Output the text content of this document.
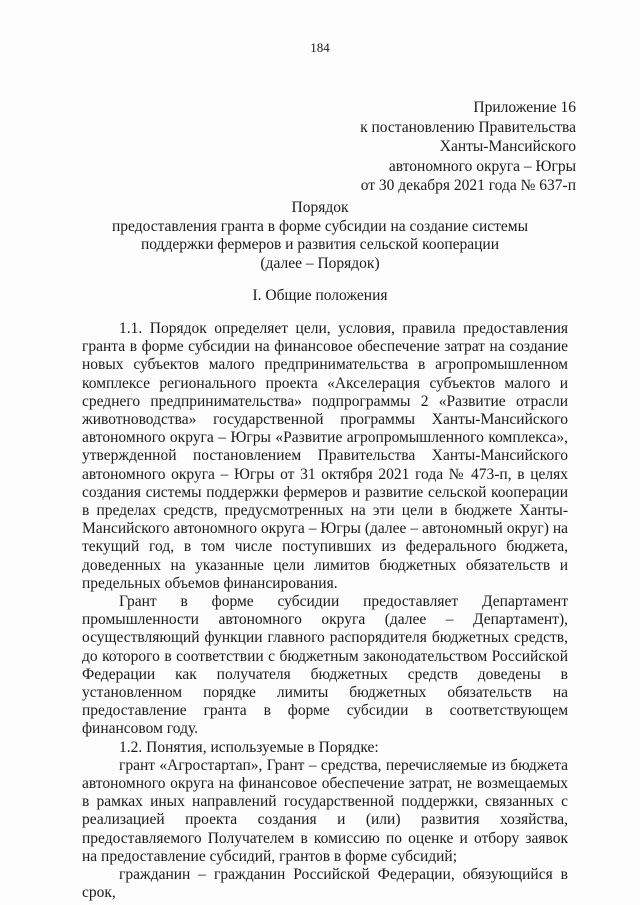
184
Приложение 16
к постановлению Правительства
Ханты-Мансийского
автономного округа – Югры
от 30 декабря 2021 года № 637-п
Порядок
предоставления гранта в форме субсидии на создание системы
поддержки фермеров и развития сельской кооперации
(далее – Порядок)
I. Общие положения

1.1. Порядок определяет цели, условия, правила предоставления гранта в форме субсидии на финансовое обеспечение затрат на создание новых субъектов малого предпринимательства в агропромышленном комплексе регионального проекта «Акселерация субъектов малого и среднего предпринимательства» подпрограммы 2 «Развитие отрасли животноводства» государственной программы Ханты-Мансийского автономного округа – Югры «Развитие агропромышленного комплекса», утвержденной постановлением Правительства Ханты-Мансийского автономного округа – Югры от 31 октября 2021 года № 473-п, в целях создания системы поддержки фермеров и развитие сельской кооперации в пределах средств, предусмотренных на эти цели в бюджете Ханты-Мансийского автономного округа – Югры (далее – автономный округ) на текущий год, в том числе поступивших из федерального бюджета, доведенных на указанные цели лимитов бюджетных обязательств и предельных объемов финансирования.

Грант в форме субсидии предоставляет Департамент промышленности автономного округа (далее – Департамент), осуществляющий функции главного распорядителя бюджетных средств, до которого в соответствии с бюджетным законодательством Российской Федерации как получателя бюджетных средств доведены в установленном порядке лимиты бюджетных обязательств на предоставление гранта в форме субсидии в соответствующем финансовом году.

1.2. Понятия, используемые в Порядке:

грант «Агростартап», Грант – средства, перечисляемые из бюджета автономного округа на финансовое обеспечение затрат, не возмещаемых в рамках иных направлений государственной поддержки, связанных с реализацией проекта создания и (или) развития хозяйства, предоставляемого Получателем в комиссию по оценке и отбору заявок на предоставление субсидий, грантов в форме субсидий;

гражданин – гражданин Российской Федерации, обязующийся в срок,
